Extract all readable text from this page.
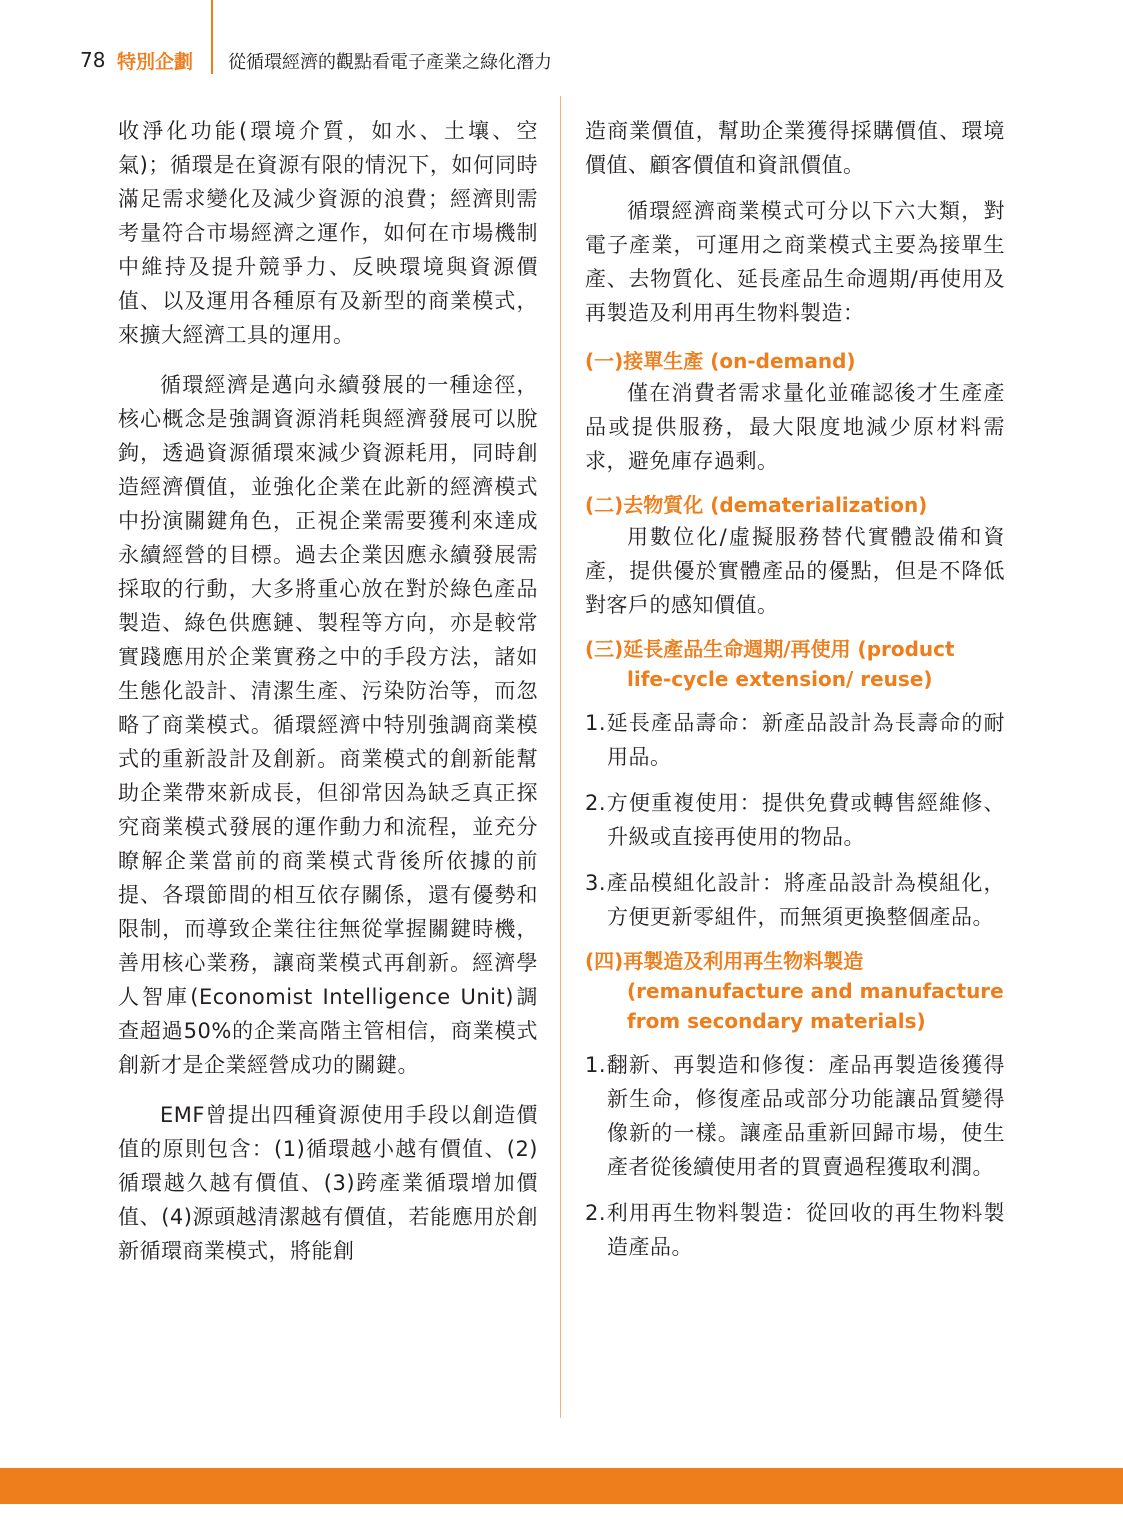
78 特別企劃 從循環經濟的觀點看電子產業之綠化潛力

收淨化功能(環境介質，如水、土壤、空氣)；循環是在資源有限的情況下，如何同時滿足需求變化及減少資源的浪費；經濟則需考量符合市場經濟之運作，如何在市場機制中維持及提升競爭力、反映環境與資源價值、以及運用各種原有及新型的商業模式，來擴大經濟工具的運用。

循環經濟是邁向永續發展的一種途徑，核心概念是強調資源消耗與經濟發展可以脫鉤，透過資源循環來減少資源耗用，同時創造經濟價值，並強化企業在此新的經濟模式中扮演關鍵角色，正視企業需要獲利來達成永續經營的目標。過去企業因應永續發展需採取的行動，大多將重心放在對於綠色產品製造、綠色供應鏈、製程等方向，亦是較常實踐應用於企業實務之中的手段方法，諸如生態化設計、清潔生產、污染防治等，而忽略了商業模式。循環經濟中特別強調商業模式的重新設計及創新。商業模式的創新能幫助企業帶來新成長，但卻常因為缺乏真正探究商業模式發展的運作動力和流程，並充分瞭解企業當前的商業模式背後所依據的前提、各環節間的相互依存關係，還有優勢和限制，而導致企業往往無從掌握關鍵時機，善用核心業務，讓商業模式再創新。經濟學人智庫(Economist Intelligence Unit)調查超過50%的企業高階主管相信，商業模式創新才是企業經營成功的關鍵。

EMF曾提出四種資源使用手段以創造價值的原則包含：(1)循環越小越有價值、(2)循環越久越有價值、(3)跨產業循環增加價值、(4)源頭越清潔越有價值，若能應用於創新循環商業模式，將能創

造商業價值，幫助企業獲得採購價值、環境價值、顧客價值和資訊價值。

循環經濟商業模式可分以下六大類，對電子產業，可運用之商業模式主要為接單生產、去物質化、延長產品生命週期/再使用及再製造及利用再生物料製造：

(一)接單生產 (on-demand)

僅在消費者需求量化並確認後才生產產品或提供服務，最大限度地減少原材料需求，避免庫存過剩。

(二)去物質化 (dematerialization)

用數位化/虛擬服務替代實體設備和資產，提供優於實體產品的優點，但是不降低對客戶的感知價值。

(三)延長產品生命週期/再使用 (product life-cycle extension/ reuse)
1.延長產品壽命：新產品設計為長壽命的耐用品。
2.方便重複使用：提供免費或轉售經維修、升級或直接再使用的物品。
3.產品模組化設計：將產品設計為模組化，方便更新零組件，而無須更換整個產品。
(四)再製造及利用再生物料製造 (remanufacture and manufacture from secondary materials)
1.翻新、再製造和修復：產品再製造後獲得新生命，修復產品或部分功能讓品質變得像新的一樣。讓產品重新回歸市場，使生產者從後續使用者的買賣過程獲取利潤。
2.利用再生物料製造：從回收的再生物料製造產品。
